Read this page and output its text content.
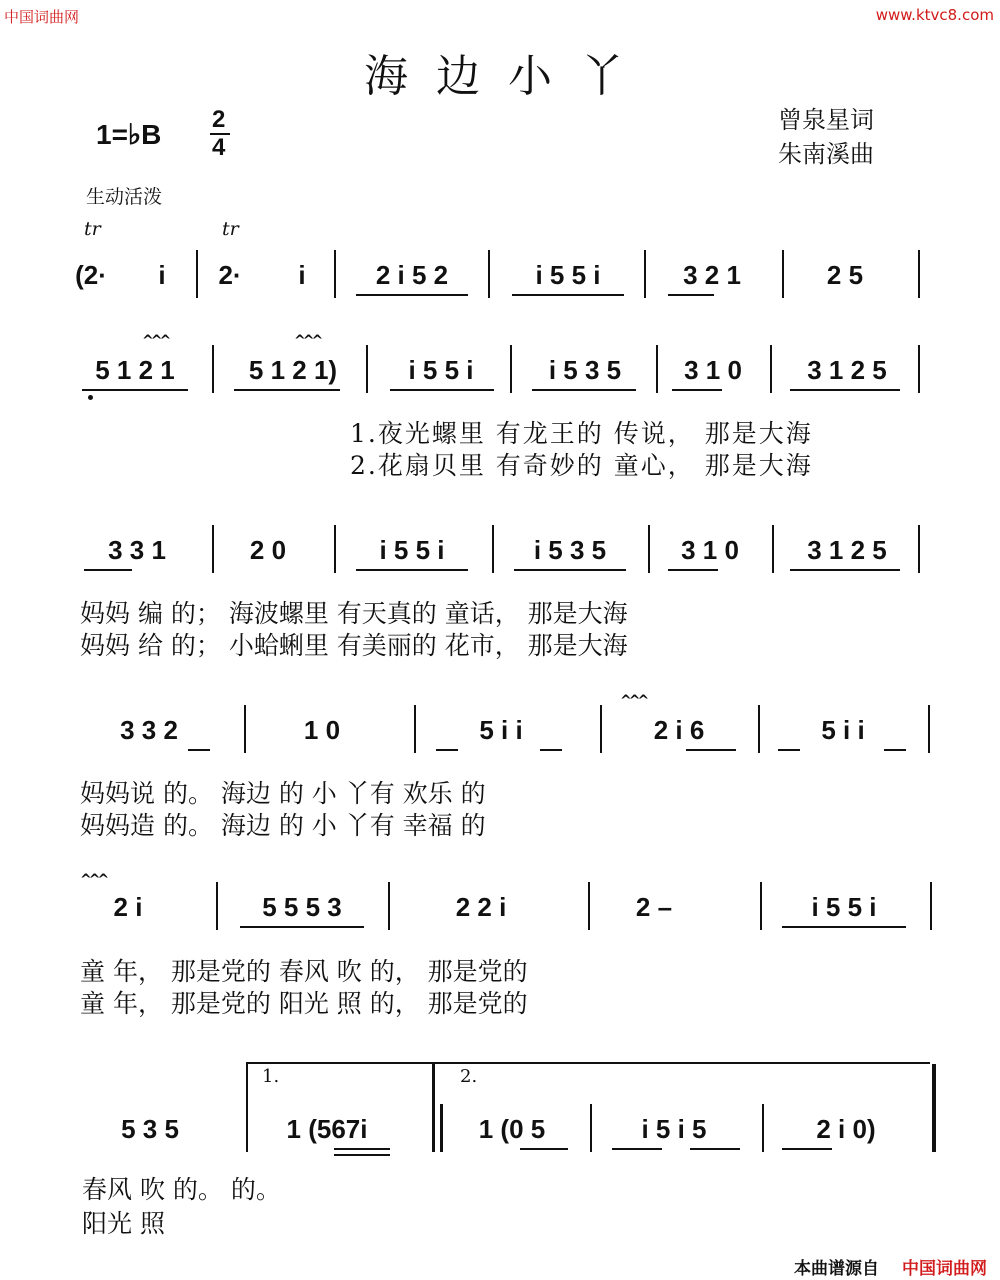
中国词曲网	www.ktvc8.com
海边小丫
曾泉星词
朱南溪曲
1=♭B 2
4
生动活泼
tr	tr
(2·	i	2·	i	2 i 5 2	i 5 5 i	3 2 1	2 5
^^^	^^^
5 1 2 1	5 1 2 1)	i 5 5 i	i 5 3 5	3 1 0	3 1 2 5
1.夜光螺里 有龙王的 传说， 那是大海
2.花扇贝里 有奇妙的 童心， 那是大海
3 3 1	2 0	i 5 5 i	i 5 3 5	3 1 0	3 1 2 5
妈妈 编 的； 海波螺里 有天真的 童话， 那是大海
妈妈 给 的； 小蛤蜊里 有美丽的 花市， 那是大海
^^^
3 3 2	1 0	5 i i	2 i 6	5 i i
妈妈说 的。 海边 的 小 丫有 欢乐 的
妈妈造 的。 海边 的 小 丫有 幸福 的
^^^
2 i	5 5 5 3	2 2 i	2 –	i 5 5 i
童 年， 那是党的 春风 吹 的， 那是党的
童 年， 那是党的 阳光 照 的， 那是党的
1.	2.
5 3 5	1 (567i	1 (0 5	i 5 i 5	2 i 0)
春风 吹 的。 的。
阳光 照
本曲谱源自 中国词曲网
